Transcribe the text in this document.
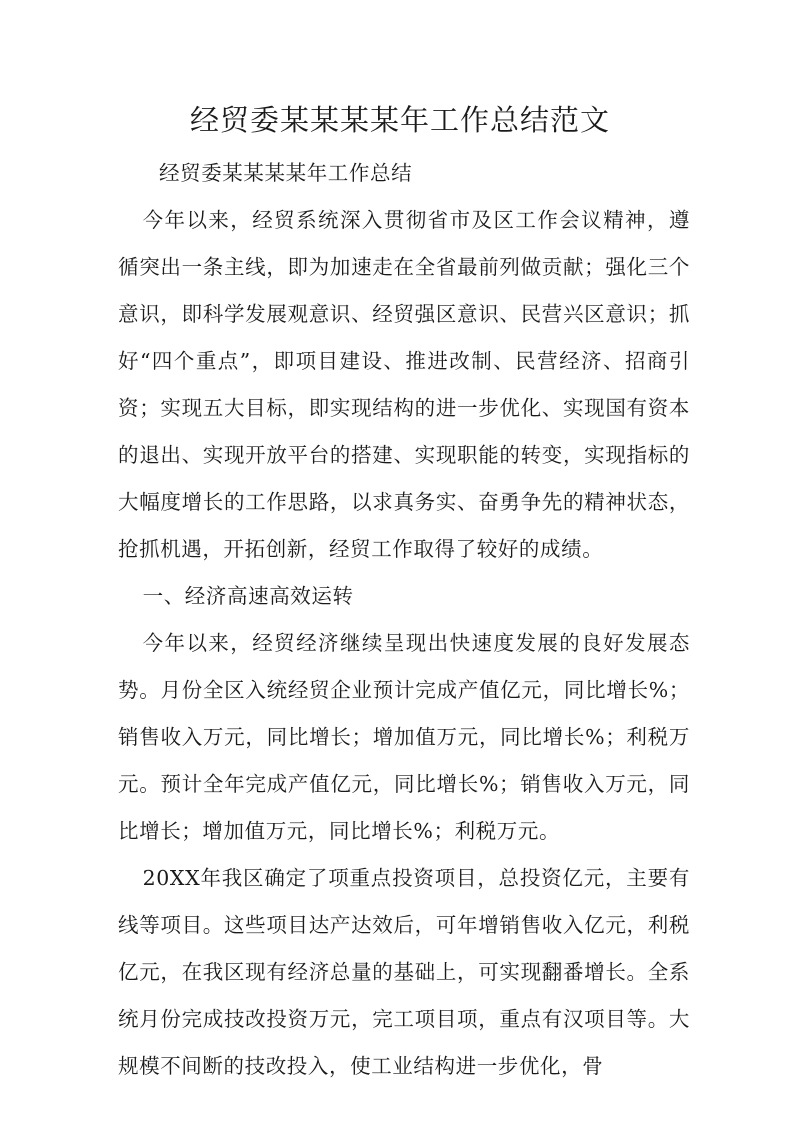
经贸委某某某某年工作总结范文

经贸委某某某某年工作总结

今年以来，经贸系统深入贯彻省市及区工作会议精神，遵循突出一条主线，即为加速走在全省最前列做贡献；强化三个意识，即科学发展观意识、经贸强区意识、民营兴区意识；抓好“四个重点”，即项目建设、推进改制、民营经济、招商引资；实现五大目标，即实现结构的进一步优化、实现国有资本的退出、实现开放平台的搭建、实现职能的转变，实现指标的大幅度增长的工作思路，以求真务实、奋勇争先的精神状态，抢抓机遇，开拓创新，经贸工作取得了较好的成绩。

一、经济高速高效运转

今年以来，经贸经济继续呈现出快速度发展的良好发展态势。月份全区入统经贸企业预计完成产值亿元，同比增长%；销售收入万元，同比增长；增加值万元，同比增长%；利税万元。预计全年完成产值亿元，同比增长%；销售收入万元，同比增长；增加值万元，同比增长%；利税万元。

20XX年我区确定了项重点投资项目，总投资亿元，主要有线等项目。这些项目达产达效后，可年增销售收入亿元，利税亿元，在我区现有经济总量的基础上，可实现翻番增长。全系统月份完成技改投资万元，完工项目项，重点有汉项目等。大规模不间断的技改投入，使工业结构进一步优化，骨
